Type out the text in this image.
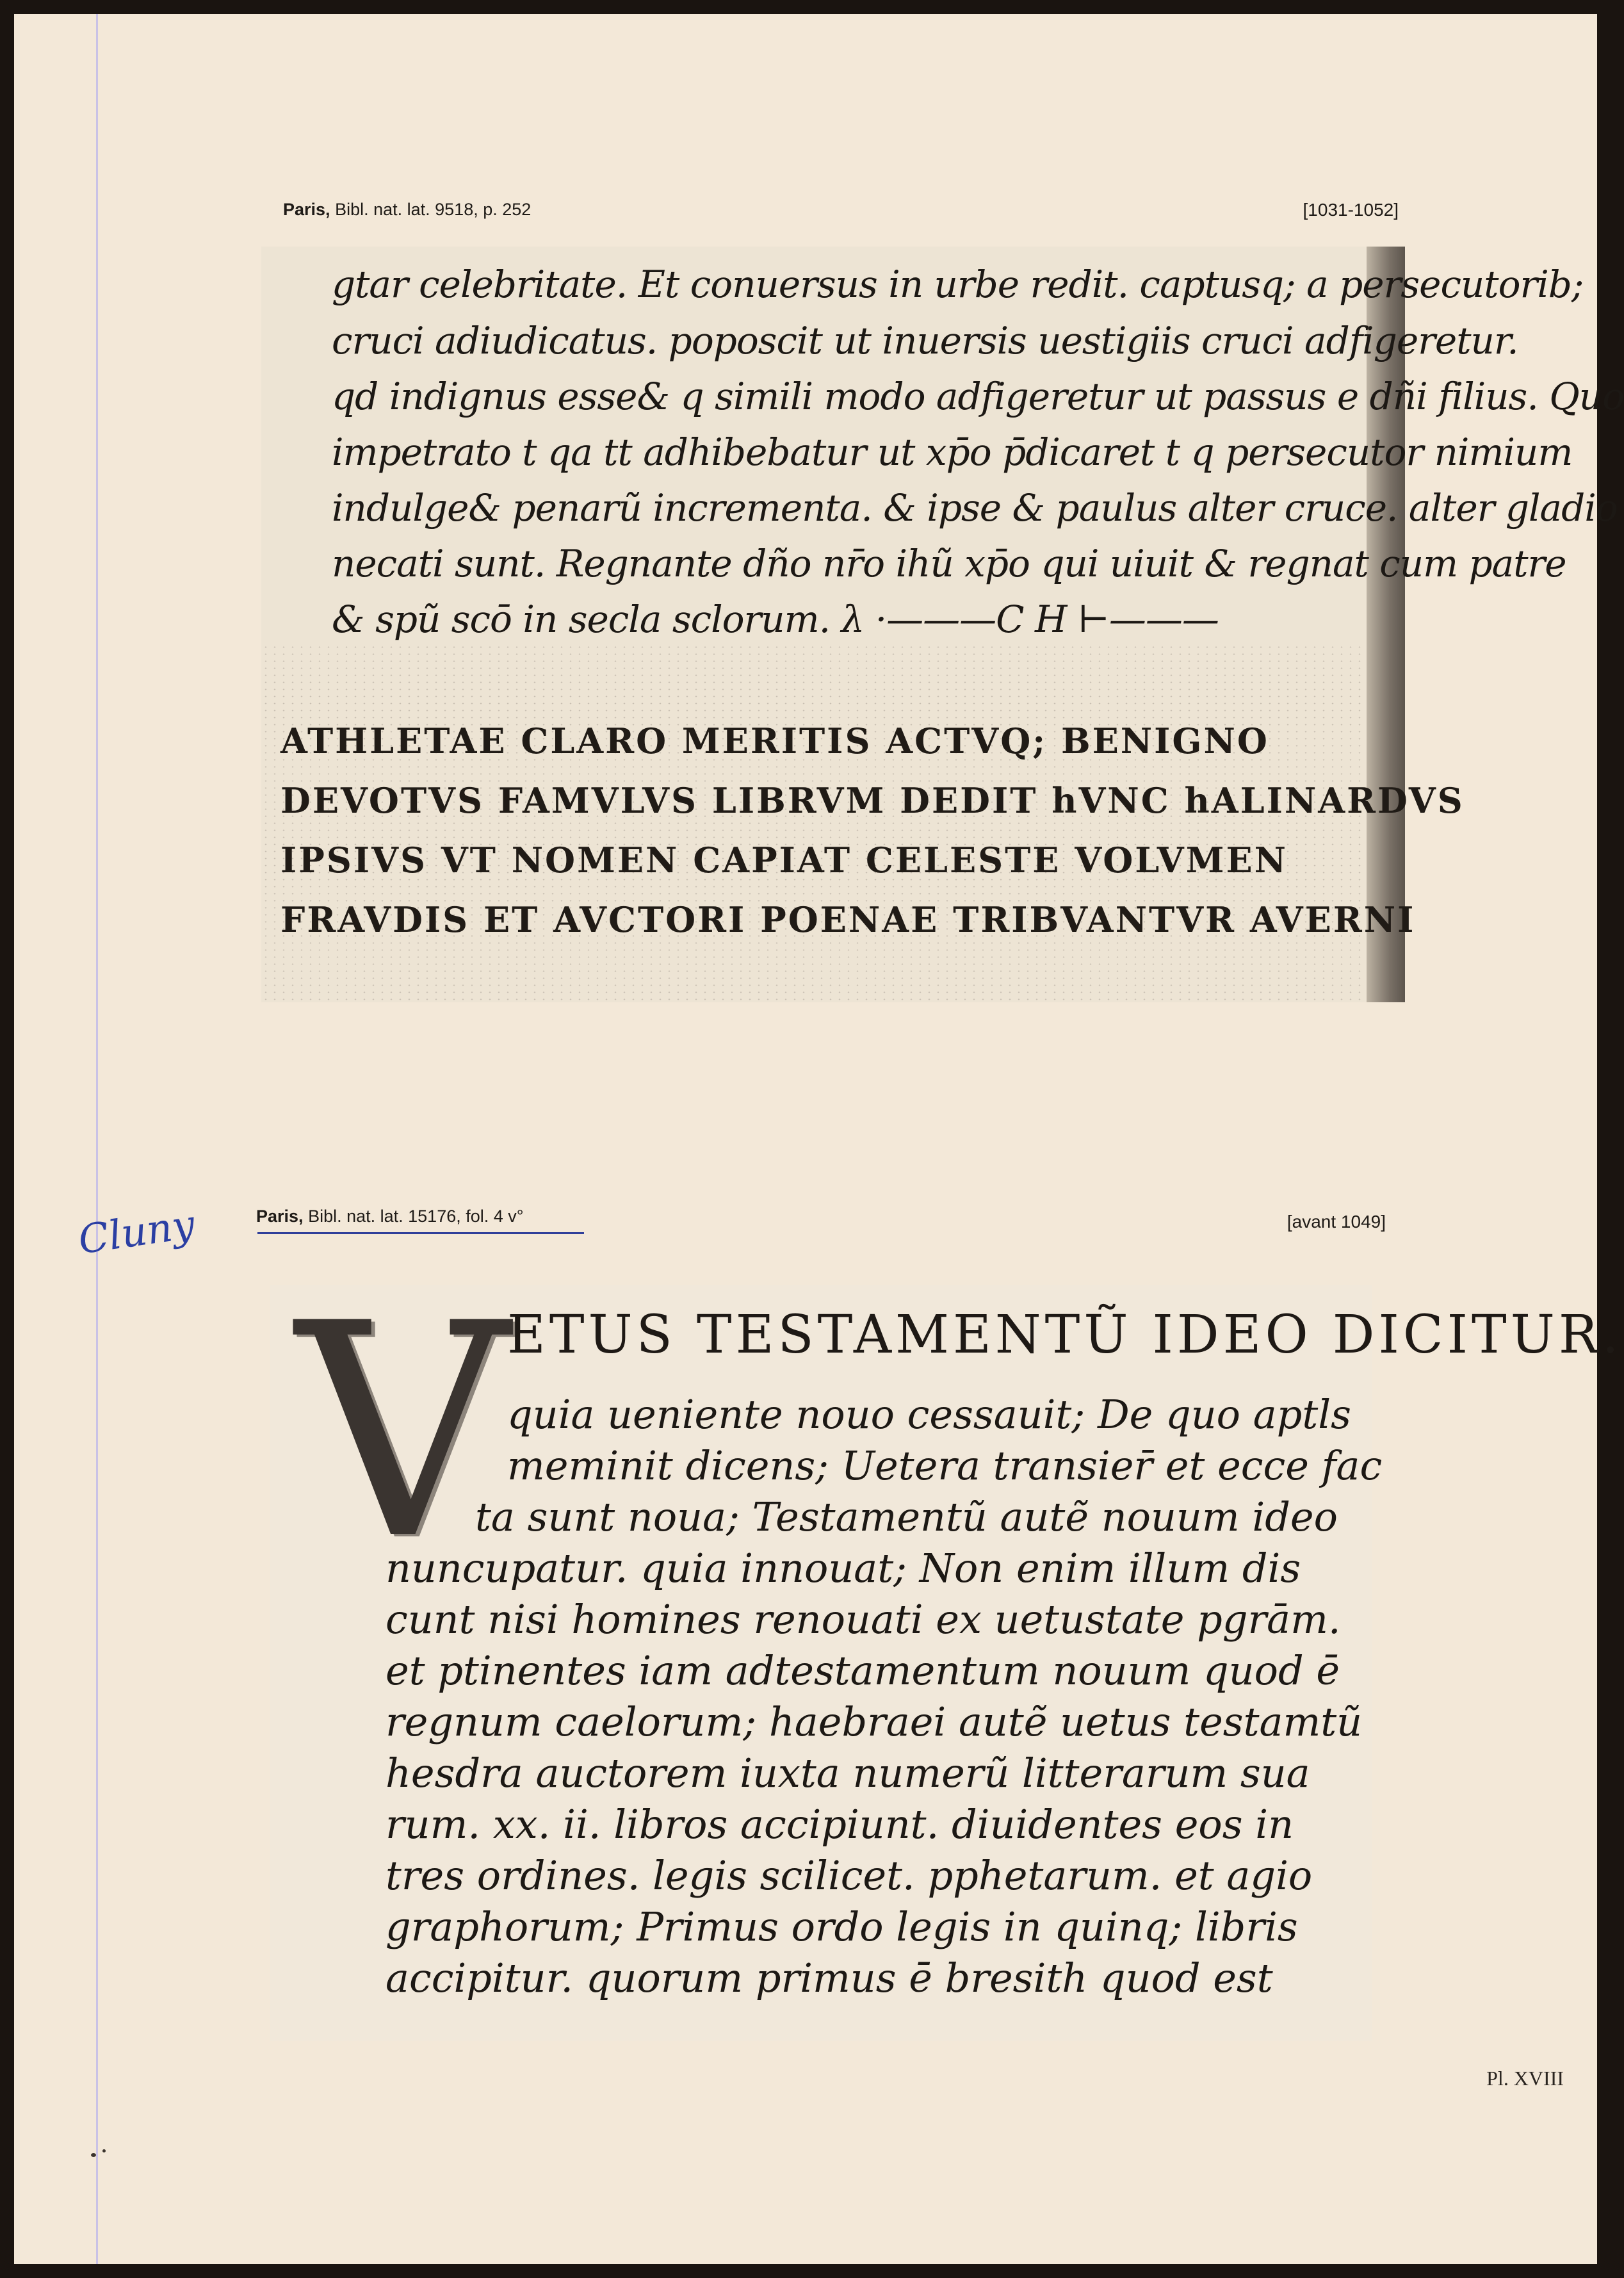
Paris, Bibl. nat. lat. 9518, p. 252	[1031-1052]
gtar celebritate. Et conuersus in urbe redit. captusq; a persecutorib;
cruci adiudicatus. poposcit ut inuersis uestigiis cruci adfigeretur.
qd indignus esse& q simili modo adfigeretur ut passus e dñi filius. Quo
impetrato t qa tt adhibebatur ut xp̄o p̄dicaret t q persecutor nimium
indulge& penarũ incrementa. & ipse & paulus alter cruce. alter gladio
necati sunt. Regnante dño nr̄o ihũ xp̄o qui uiuit & regnat cum patre
& spũ scō in secla sclorum. λ ·———C H ⊢———
ATHLETAE CLARO MERITIS ACTVQ; BENIGNO
DEVOTVS FAMVLVS LIBRVM DEDIT hVNC hALINARDVS
IPSIVS VT NOMEN CAPIAT CELESTE VOLVMEN
FRAVDIS ET AVCTORI POENAE TRIBVANTVR AVERNI
Cluny	Paris, Bibl. nat. lat. 15176, fol. 4 v°	[avant 1049]
V
ETUS TESTAMENTŨ IDEO DICITUR.
quia ueniente nouo cessauit; De quo aptls
meminit dicens; Uetera transier̄ et ecce fac
ta sunt noua; Testamentũ autẽ nouum ideo
nuncupatur. quia innouat; Non enim illum dis
cunt nisi homines renouati ex uetustate pgrām.
et ptinentes iam adtestamentum nouum quod ē
regnum caelorum; haebraei autẽ uetus testamtũ
hesdra auctorem iuxta numerũ litterarum sua
rum. xx. ii. libros accipiunt. diuidentes eos in
tres ordines. legis scilicet. pphetarum. et agio
graphorum; Primus ordo legis in quinq; libris
accipitur. quorum primus ē bresith quod est
Pl. XVIII
